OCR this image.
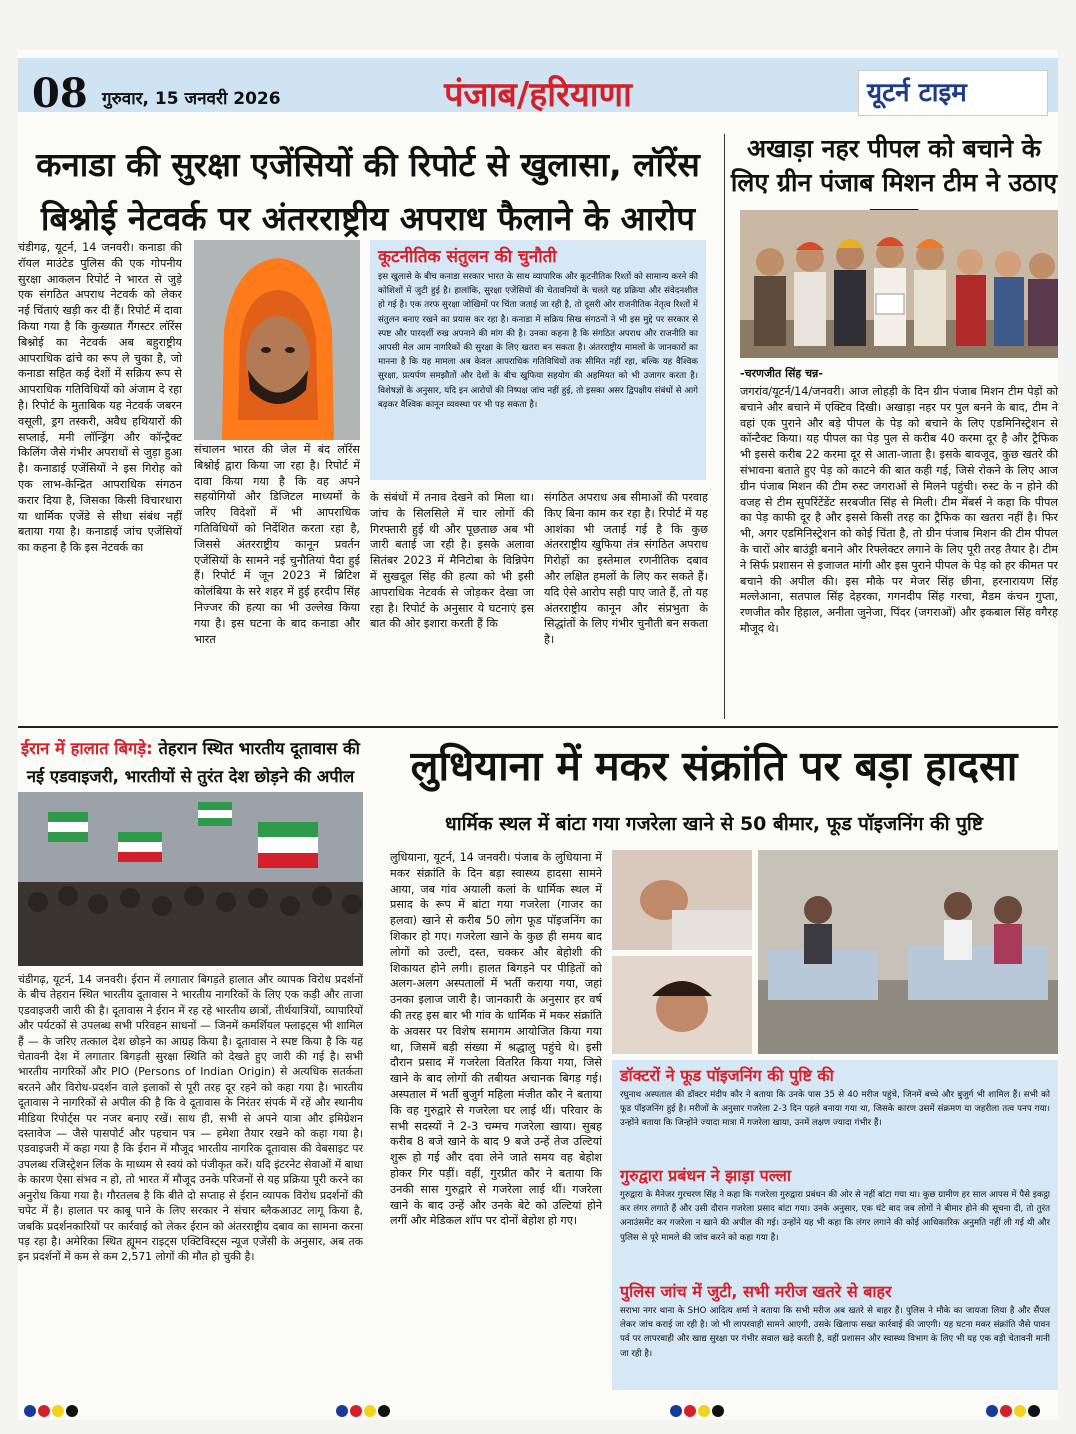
08 गुरुवार, 15 जनवरी 2026	पंजाब/हरियाणा	यूटर्न टाइम
कनाडा की सुरक्षा एजेंसियों की रिपोर्ट से खुलासा, लॉरेंस बिश्नोई नेटवर्क पर अंतरराष्ट्रीय अपराध फैलाने के आरोप
अखाड़ा नहर पीपल को बचाने के लिए ग्रीन पंजाब मिशन टीम ने उठाए

चंडीगढ़, यूटर्न, 14 जनवरी। कनाडा की रॉयल माउंटेड पुलिस की एक गोपनीय सुरक्षा आकलन रिपोर्ट ने भारत से जुड़े एक संगठित अपराध नेटवर्क को लेकर नई चिंताएं खड़ी कर दी हैं। रिपोर्ट में दावा किया गया है कि कुख्यात गैंगस्टर लॉरेंस बिश्नोई का नेटवर्क अब बहुराष्ट्रीय आपराधिक ढांचे का रूप ले चुका है, जो कनाडा सहित कई देशों में सक्रिय रूप से आपराधिक गतिविधियों को अंजाम दे रहा है। रिपोर्ट के मुताबिक यह नेटवर्क जबरन वसूली, ड्रग तस्करी, अवैध हथियारों की सप्लाई, मनी लॉन्ड्रिंग और कॉन्ट्रैक्ट किलिंग जैसे गंभीर अपराधों से जुड़ा हुआ है। कनाडाई एजेंसियों ने इस गिरोह को एक लाभ-केन्द्रित आपराधिक संगठन करार दिया है, जिसका किसी विचारधारा या धार्मिक एजेंडे से सीधा संबंध नहीं बताया गया है। कनाडाई जांच एजेंसियों का कहना है कि इस नेटवर्क का

संचालन भारत की जेल में बंद लॉरेंस बिश्नोई द्वारा किया जा रहा है। रिपोर्ट में दावा किया गया है कि वह अपने सहयोगियों और डिजिटल माध्यमों के जरिए विदेशों में भी आपराधिक गतिविधियों को निर्देशित करता रहा है, जिससे अंतरराष्ट्रीय कानून प्रवर्तन एजेंसियों के सामने नई चुनौतियां पैदा हुई हैं। रिपोर्ट में जून 2023 में ब्रिटिश कोलंबिया के सरे शहर में हुई हरदीप सिंह निज्जर की हत्या का भी उल्लेख किया गया है। इस घटना के बाद कनाडा और भारत

कूटनीतिक संतुलन की चुनौती

इस खुलासे के बीच कनाडा सरकार भारत के साथ व्यापारिक और कूटनीतिक रिश्तों को सामान्य करने की कोशिशों में जुटी हुई है। हालांकि, सुरक्षा एजेंसियों की चेतावनियों के चलते यह प्रक्रिया और संवेदनशील हो गई है। एक तरफ सुरक्षा जोखिमों पर चिंता जताई जा रही है, तो दूसरी ओर राजनीतिक नेतृत्व रिश्तों में संतुलन बनाए रखने का प्रयास कर रहा है। कनाडा में सक्रिय सिख संगठनों ने भी इस मुद्दे पर सरकार से स्पष्ट और पारदर्शी रुख अपनाने की मांग की है। उनका कहना है कि संगठित अपराध और राजनीति का आपसी मेल आम नागरिकों की सुरक्षा के लिए खतरा बन सकता है। अंतरराष्ट्रीय मामलों के जानकारों का मानना है कि यह मामला अब केवल आपराधिक गतिविधियों तक सीमित नहीं रहा, बल्कि यह वैश्विक सुरक्षा, प्रत्यर्पण समझौतों और देशों के बीच खुफिया सहयोग की अहमियत को भी उजागर करता है। विशेषज्ञों के अनुसार, यदि इन आरोपों की निष्पक्ष जांच नहीं हुई, तो इसका असर द्विपक्षीय संबंधों से आगे बढ़कर वैश्विक कानून व्यवस्था पर भी पड़ सकता है।

के संबंधों में तनाव देखने को मिला था। जांच के सिलसिले में चार लोगों की गिरफ्तारी हुई थी और पूछताछ अब भी जारी बताई जा रही है। इसके अलावा सितंबर 2023 में मैनिटोबा के विन्निपेग में सुखदूल सिंह की हत्या को भी इसी आपराधिक नेटवर्क से जोड़कर देखा जा रहा है। रिपोर्ट के अनुसार ये घटनाएं इस बात की ओर इशारा करती हैं कि

संगठित अपराध अब सीमाओं की परवाह किए बिना काम कर रहा है। रिपोर्ट में यह आशंका भी जताई गई है कि कुछ अंतरराष्ट्रीय खुफिया तंत्र संगठित अपराध गिरोहों का इस्तेमाल रणनीतिक दबाव और लक्षित हमलों के लिए कर सकते हैं। यदि ऐसे आरोप सही पाए जाते हैं, तो यह अंतरराष्ट्रीय कानून और संप्रभुता के सिद्धांतों के लिए गंभीर चुनौती बन सकता है।

-चरणजीत सिंह चन्न-

जगरांव/यूटर्न/14/जनवरी। आज लोहड़ी के दिन ग्रीन पंजाब मिशन टीम पेड़ों को बचाने और बचाने में एक्टिव दिखी। अखाड़ा नहर पर पुल बनने के बाद, टीम ने वहां एक पुराने और बड़े पीपल के पेड़ को बचाने के लिए एडमिनिस्ट्रेशन से कॉन्टैक्ट किया। यह पीपल का पेड़ पुल से करीब 40 करमा दूर है और ट्रैफिक भी इससे करीब 22 करमा दूर से आता-जाता है। इसके बावजूद, कुछ खतरे की संभावना बताते हुए पेड़ को काटने की बात कही गई, जिसे रोकने के लिए आज ग्रीन पंजाब मिशन की टीम रुस्ट जगराओं से मिलने पहुंची। रुस्ट के न होने की वजह से टीम सुपरिंटेंडेंट सरबजीत सिंह से मिली। टीम मेंबर्स ने कहा कि पीपल का पेड़ काफी दूर है और इससे किसी तरह का ट्रैफिक का खतरा नहीं है। फिर भी, अगर एडमिनिस्ट्रेशन को कोई चिंता है, तो ग्रीन पंजाब मिशन की टीम पीपल के चारों ओर बाउंड्री बनाने और रिफ्लेक्टर लगाने के लिए पूरी तरह तैयार है। टीम ने सिर्फ प्रशासन से इजाजत मांगी और इस पुराने पीपल के पेड़ को हर कीमत पर बचाने की अपील की। इस मौके पर मेजर सिंह छीना, हरनारायण सिंह मल्लेआना, सतपाल सिंह देहरका, गगनदीप सिंह गरचा, मैडम कंचन गुप्ता, रणजीत कौर हिहाल, अनीता जुनेजा, पिंदर (जगराओं) और इकबाल सिंह वगैरह मौजूद थे।

ईरान में हालात बिगड़े: तेहरान स्थित भारतीय दूतावास की नई एडवाइजरी, भारतीयों से तुरंत देश छोड़ने की अपील

चंडीगढ़, यूटर्न, 14 जनवरी। ईरान में लगातार बिगड़ते हालात और व्यापक विरोध प्रदर्शनों के बीच तेहरान स्थित भारतीय दूतावास ने भारतीय नागरिकों के लिए एक कड़ी और ताजा एडवाइजरी जारी की है। दूतावास ने ईरान में रह रहे भारतीय छात्रों, तीर्थयात्रियों, व्यापारियों और पर्यटकों से उपलब्ध सभी परिवहन साधनों — जिनमें कमर्शियल फ्लाइट्स भी शामिल हैं — के जरिए तत्काल देश छोड़ने का आग्रह किया है। दूतावास ने स्पष्ट किया है कि यह चेतावनी देश में लगातार बिगड़ती सुरक्षा स्थिति को देखते हुए जारी की गई है। सभी भारतीय नागरिकों और PIO (Persons of Indian Origin) से अत्यधिक सतर्कता बरतने और विरोध-प्रदर्शन वाले इलाकों से पूरी तरह दूर रहने को कहा गया है। भारतीय दूतावास ने नागरिकों से अपील की है कि वे दूतावास के निरंतर संपर्क में रहें और स्थानीय मीडिया रिपोर्ट्स पर नजर बनाए रखें। साथ ही, सभी से अपने यात्रा और इमिग्रेशन दस्तावेज — जैसे पासपोर्ट और पहचान पत्र — हमेशा तैयार रखने को कहा गया है। एडवाइजरी में कहा गया है कि ईरान में मौजूद भारतीय नागरिक दूतावास की वेबसाइट पर उपलब्ध रजिस्ट्रेशन लिंक के माध्यम से स्वयं को पंजीकृत करें। यदि इंटरनेट सेवाओं में बाधा के कारण ऐसा संभव न हो, तो भारत में मौजूद उनके परिजनों से यह प्रक्रिया पूरी करने का अनुरोध किया गया है। गौरतलब है कि बीते दो सप्ताह से ईरान व्यापक विरोध प्रदर्शनों की चपेट में है। हालात पर काबू पाने के लिए सरकार ने संचार ब्लैकआउट लागू किया है, जबकि प्रदर्शनकारियों पर कार्रवाई को लेकर ईरान को अंतरराष्ट्रीय दबाव का सामना करना पड़ रहा है। अमेरिका स्थित ह्यूमन राइट्स एक्टिविस्ट्स न्यूज एजेंसी के अनुसार, अब तक इन प्रदर्शनों में कम से कम 2,571 लोगों की मौत हो चुकी है।

लुधियाना में मकर संक्रांति पर बड़ा हादसा
धार्मिक स्थल में बांटा गया गजरेला खाने से 50 बीमार, फूड पॉइजनिंग की पुष्टि

लुधियाना, यूटर्न, 14 जनवरी। पंजाब के लुधियाना में मकर संक्रांति के दिन बड़ा स्वास्थ्य हादसा सामने आया, जब गांव अयाली कलां के धार्मिक स्थल में प्रसाद के रूप में बांटा गया गजरेला (गाजर का हलवा) खाने से करीब 50 लोग फूड पॉइजनिंग का शिकार हो गए। गजरेला खाने के कुछ ही समय बाद लोगों को उल्टी, दस्त, चक्कर और बेहोशी की शिकायत होने लगी। हालत बिगड़ने पर पीड़ितों को अलग-अलग अस्पतालों में भर्ती कराया गया, जहां उनका इलाज जारी है। जानकारी के अनुसार हर वर्ष की तरह इस बार भी गांव के धार्मिक में मकर संक्रांति के अवसर पर विशेष समागम आयोजित किया गया था, जिसमें बड़ी संख्या में श्रद्धालु पहुंचे थे। इसी दौरान प्रसाद में गजरेला वितरित किया गया, जिसे खाने के बाद लोगों की तबीयत अचानक बिगड़ गई। अस्पताल में भर्ती बुजुर्ग महिला मंजीत कौर ने बताया कि वह गुरुद्वारे से गजरेला घर लाई थीं। परिवार के सभी सदस्यों ने 2-3 चम्मच गजरेला खाया। सुबह करीब 8 बजे खाने के बाद 9 बजे उन्हें तेज उल्टियां शुरू हो गई और दवा लेने जाते समय वह बेहोश होकर गिर पड़ीं। वहीं, गुरप्रीत कौर ने बताया कि उनकी सास गुरुद्वारे से गजरेला लाई थीं। गजरेला खाने के बाद उन्हें और उनके बेटे को उल्टियां होने लगीं और मेडिकल शॉप पर दोनों बेहोश हो गए।

डॉक्टरों ने फूड पॉइजनिंग की पुष्टि की

रघुनाथ अस्पताल की डॉक्टर मंदीप कौर ने बताया कि उनके पास 35 से 40 मरीज पहुंचे, जिनमें बच्चे और बुजुर्ग भी शामिल हैं। सभी को फूड पॉइजनिंग हुई है। मरीजों के अनुसार गजरेला 2-3 दिन पहले बनाया गया था, जिसके कारण उसमें संक्रमण या जहरीला तत्व पनप गया। उन्होंने बताया कि जिन्होंने ज्यादा मात्रा में गजरेला खाया, उनमें लक्षण ज्यादा गंभीर हैं।

गुरुद्वारा प्रबंधन ने झाड़ा पल्ला

गुरुद्वारा के मैनेजर गुरचरण सिंह ने कहा कि गजरेला गुरुद्वारा प्रबंधन की ओर से नहीं बांटा गया था। कुछ ग्रामीण हर साल आपस में पैसे इकट्ठा कर लंगर लगाते हैं और उसी दौरान गजरेला प्रसाद बांटा गया। उनके अनुसार, एक घंटे बाद जब लोगों ने बीमार होने की सूचना दी, तो तुरंत अनाउंसमेंट कर गजरेला न खाने की अपील की गई। उन्होंने यह भी कहा कि लंगर लगाने की कोई आधिकारिक अनुमति नहीं ली गई थी और पुलिस से पूरे मामले की जांच करने को कहा गया है।

पुलिस जांच में जुटी, सभी मरीज खतरे से बाहर

सराभा नगर थाना के SHO आदित्य शर्मा ने बताया कि सभी मरीज अब खतरे से बाहर हैं। पुलिस ने मौके का जायजा लिया है और सैंपल लेकर जांच कराई जा रही है। जो भी लापरवाही सामने आएगी, उसके खिलाफ सख्त कार्रवाई की जाएगी। यह घटना मकर संक्रांति जैसे पावन पर्व पर लापरवाही और खाद्य सुरक्षा पर गंभीर सवाल खड़े करती है, वहीं प्रशासन और स्वास्थ्य विभाग के लिए भी यह एक बड़ी चेतावनी मानी जा रही है।
